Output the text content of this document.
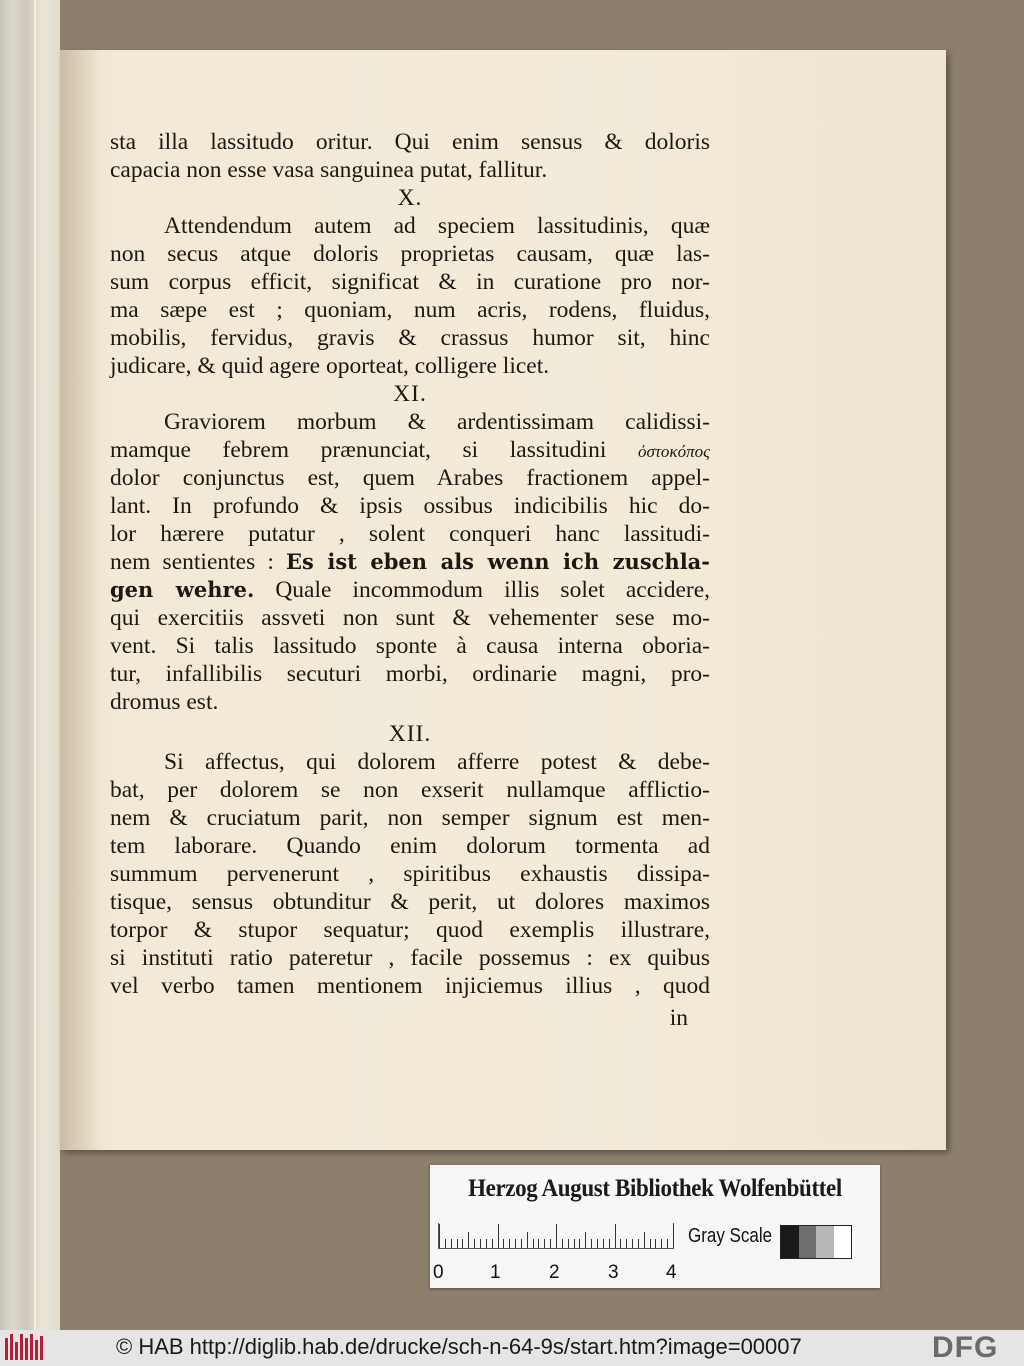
sta illa lassitudo oritur. Qui enim sensus & doloris
capacia non esse vasa sanguinea putat, fallitur.
X.
Attendendum autem ad speciem lassitudinis, quæ
non secus atque doloris proprietas causam, quæ las-
sum corpus efficit, significat & in curatione pro nor-
ma sæpe est ; quoniam, num acris, rodens, fluidus,
mobilis, fervidus, gravis & crassus humor sit, hinc
judicare, & quid agere oporteat, colligere licet.
XI.
Graviorem morbum & ardentissimam calidissi-
mamque febrem prænunciat, si lassitudini ὀστοκόπος
dolor conjunctus est, quem Arabes fractionem appel-
lant. In profundo & ipsis ossibus indicibilis hic do-
lor hærere putatur , solent conqueri hanc lassitudi-
nem sentientes : Es ist eben als wenn ich zuschla-
gen wehre. Quale incommodum illis solet accidere,
qui exercitiis assveti non sunt & vehementer sese mo-
vent. Si talis lassitudo sponte à causa interna oboria-
tur, infallibilis secuturi morbi, ordinarie magni, pro-
dromus est.
XII.
Si affectus, qui dolorem afferre potest & debe-
bat, per dolorem se non exserit nullamque afflictio-
nem & cruciatum parit, non semper signum est men-
tem laborare. Quando enim dolorum tormenta ad
summum pervenerunt , spiritibus exhaustis dissipa-
tisque, sensus obtunditur & perit, ut dolores maximos
torpor & stupor sequatur; quod exemplis illustrare,
si instituti ratio pateretur , facile possemus : ex quibus
vel verbo tamen mentionem injiciemus illius , quod
in
Herzog August Bibliothek Wolfenbüttel
0 1	2	3 4
Gray Scale
© HAB http://diglib.hab.de/drucke/sch-n-64-9s/start.htm?image=00007	DFG
